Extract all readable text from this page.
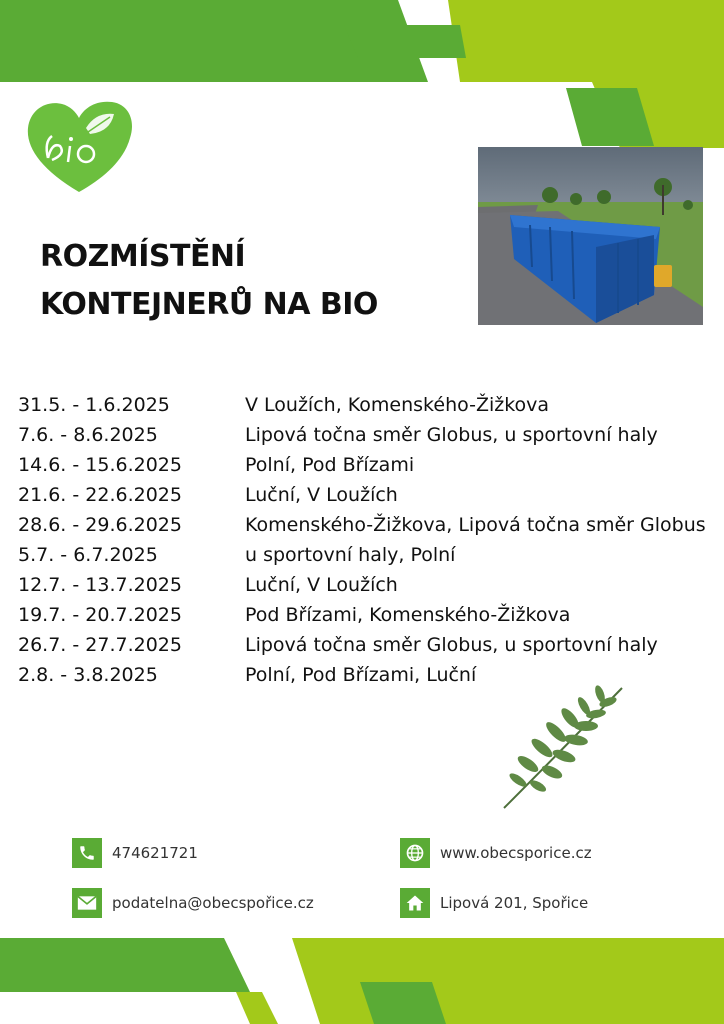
ROZMÍSTĚNÍ
KONTEJNERŮ NA BIO
31.5. - 1.6.2025	V Loužích, Komenského-Žižkova
7.6. - 8.6.2025	Lipová točna směr Globus, u sportovní haly
14.6. - 15.6.2025	Polní, Pod Břízami
21.6. - 22.6.2025	Luční, V Loužích
28.6. - 29.6.2025	Komenského-Žižkova, Lipová točna směr Globus
5.7. - 6.7.2025	u sportovní haly, Polní
12.7. - 13.7.2025	Luční, V Loužích
19.7. - 20.7.2025	Pod Břízami, Komenského-Žižkova
26.7. - 27.7.2025	Lipová točna směr Globus, u sportovní haly
2.8. - 3.8.2025	Polní, Pod Břízami, Luční
474621721	www.obecsporice.cz
podatelna@obecspořice.cz	Lipová 201, Spořice
